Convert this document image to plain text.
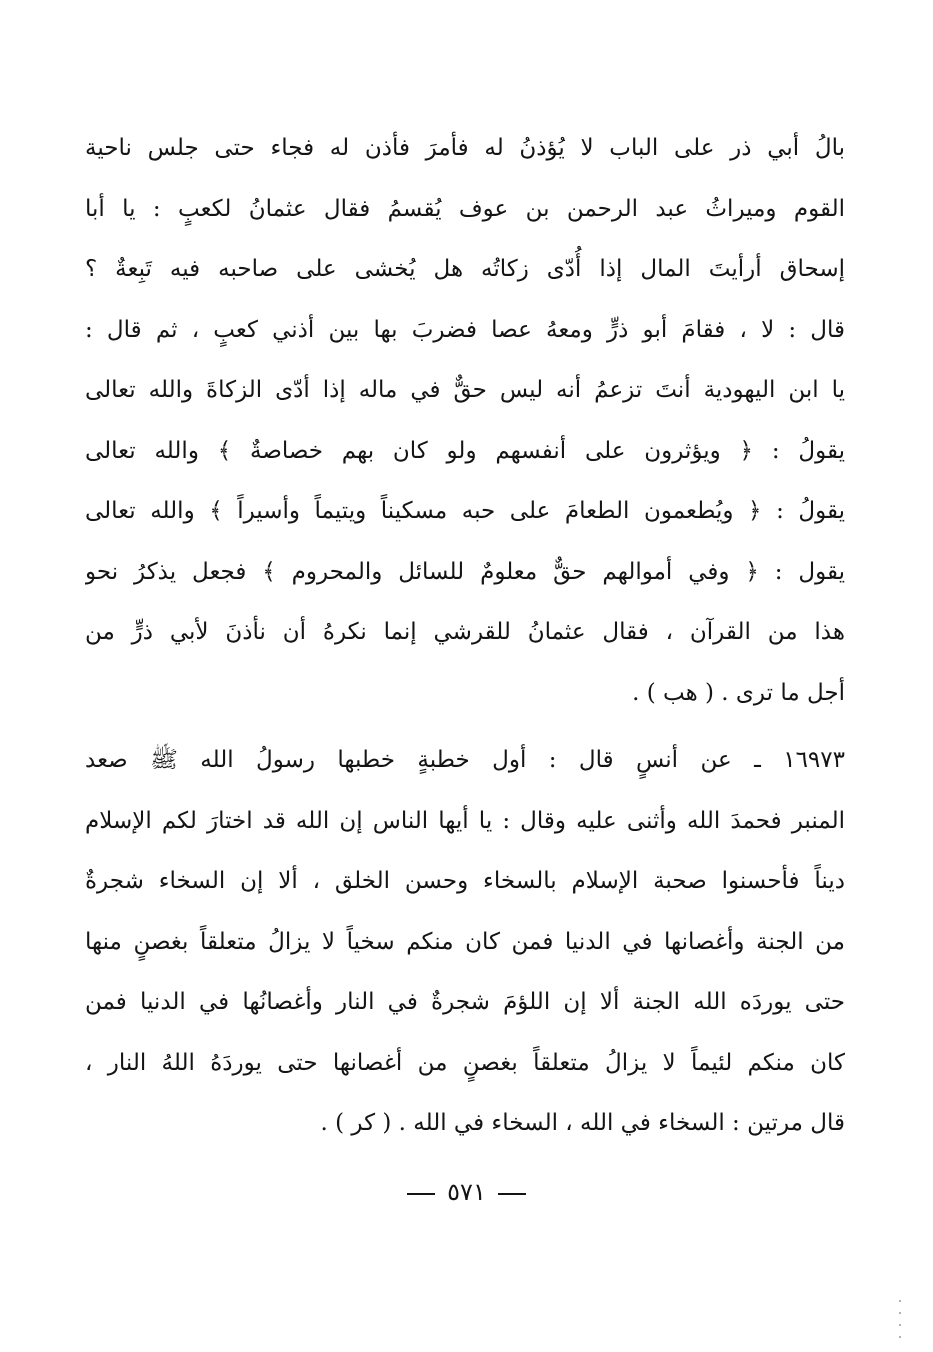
بالُ أبي ذر على الباب لا يُؤذنُ له فأمرَ فأذن له فجاء حتى جلس ناحية
القوم وميراثُ عبد الرحمن بن عوف يُقسمُ فقال عثمانُ لكعبٍ : يا أبا
إسحاق أرأيتَ المال إذا أُدّى زكاتُه هل يُخشى على صاحبه فيه تَبِعةٌ ؟
قال : لا ، فقامَ أبو ذرٍّ ومعهُ عصا فضربَ بها بين أذني كعبٍ ، ثم قال :
يا ابن اليهودية أنتَ تزعمُ أنه ليس حقٌّ في ماله إذا أدّى الزكاةَ والله تعالى
يقولُ : ﴿ ويؤثرون على أنفسهم ولو كان بهم خصاصةٌ ﴾ والله تعالى
يقولُ : ﴿ ويُطعمون الطعامَ على حبه مسكيناً ويتيماً وأسيراً ﴾ والله تعالى
يقول : ﴿ وفي أموالهم حقٌّ معلومٌ للسائل والمحروم ﴾ فجعل يذكرُ نحو
هذا من القرآن ، فقال عثمانُ للقرشي إنما نكرهُ أن نأذنَ لأبي ذرٍّ من
أجل ما ترى . ( هب ) .
١٦٩٧٣ ـ عن أنسٍ قال : أول خطبةٍ خطبها رسولُ الله ﷺ صعد
المنبر فحمدَ الله وأثنى عليه وقال : يا أيها الناس إن الله قد اختارَ لكم الإسلام
ديناً فأحسنوا صحبة الإسلام بالسخاء وحسن الخلق ، ألا إن السخاء شجرةٌ
من الجنة وأغصانها في الدنيا فمن كان منكم سخياً لا يزالُ متعلقاً بغصنٍ منها
حتى يوردَه الله الجنة ألا إن اللؤمَ شجرةٌ في النار وأغصانُها في الدنيا فمن
كان منكم لئيماً لا يزالُ متعلقاً بغصنٍ من أغصانها حتى يوردَهُ اللهُ النار ،
قال مرتين : السخاء في الله ، السخاء في الله . ( كر ) .
٥٧١
